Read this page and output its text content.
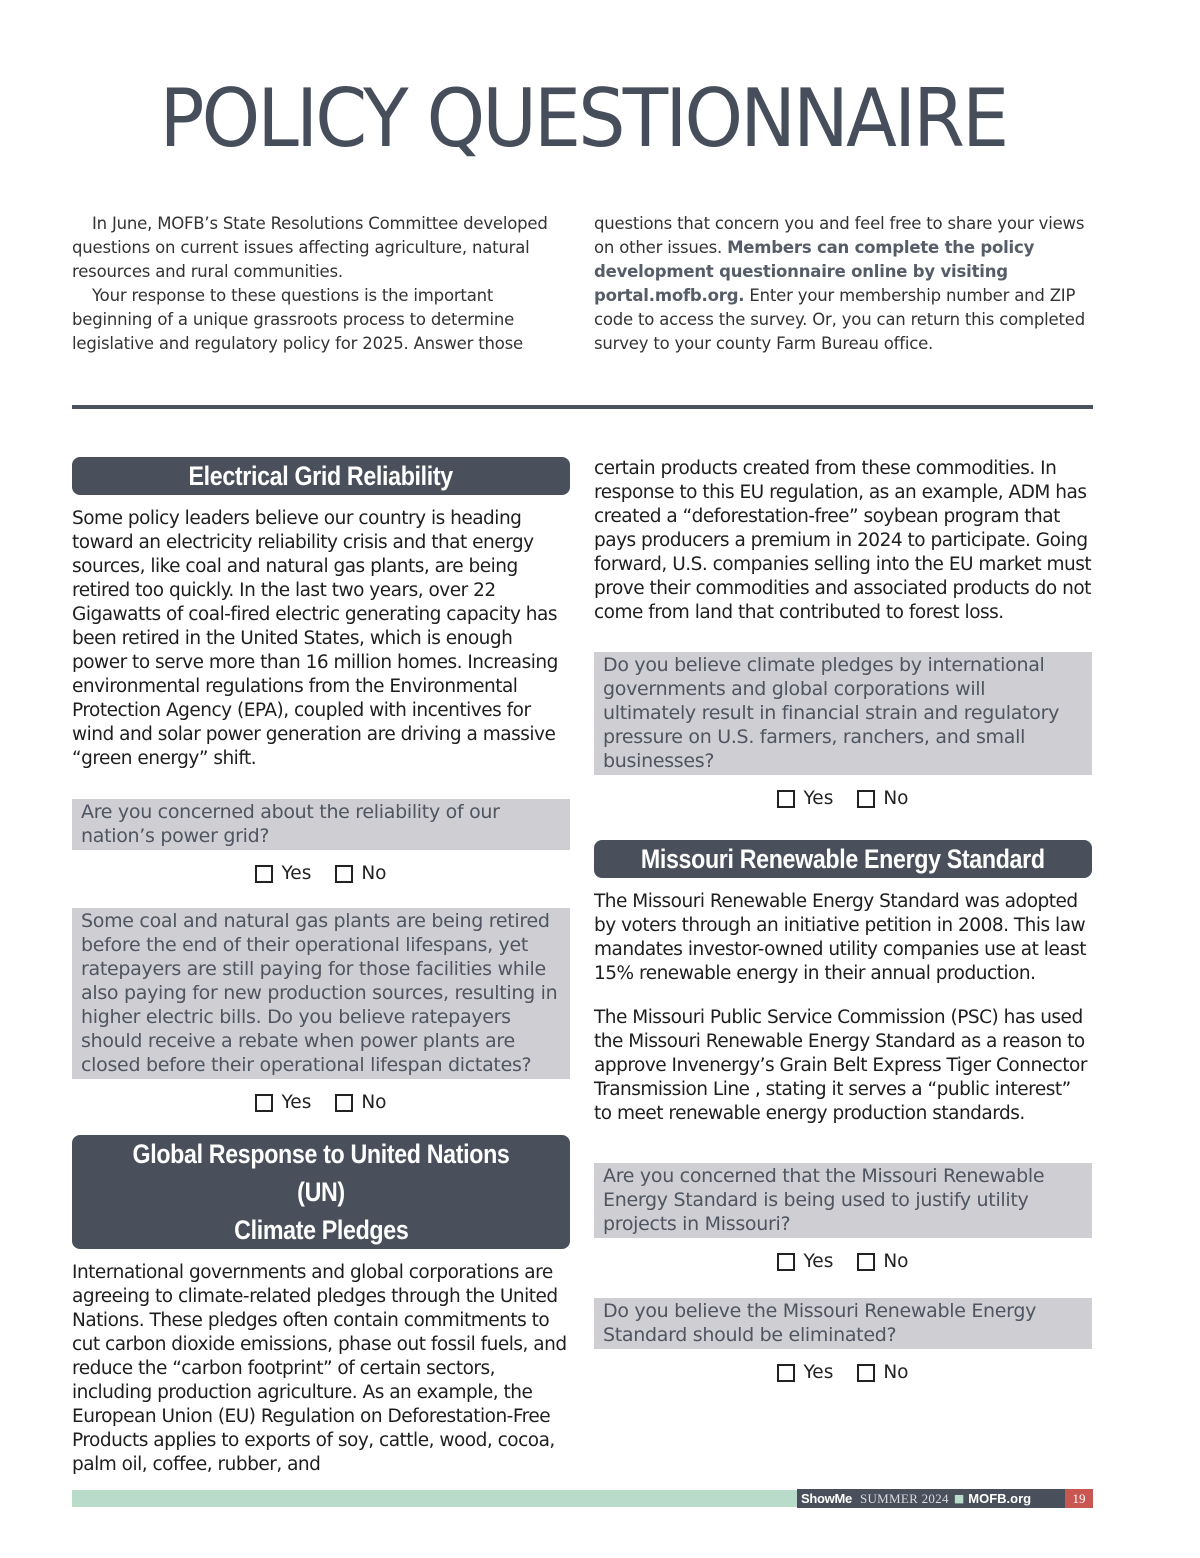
POLICY QUESTIONNAIRE

In June, MOFB’s State Resolutions Committee developed questions on current issues affecting agriculture, natural resources and rural communities.

Your response to these questions is the important beginning of a unique grassroots process to determine legislative and regulatory policy for 2025. Answer those

questions that concern you and feel free to share your views on other issues. Members can complete the policy development questionnaire online by visiting portal.mofb.org. Enter your membership number and ZIP code to access the survey. Or, you can return this completed survey to your county Farm Bureau office.

Electrical Grid Reliability

Some policy leaders believe our country is heading toward an electricity reliability crisis and that energy sources, like coal and natural gas plants, are being retired too quickly. In the last two years, over 22 Gigawatts of coal-fired electric generating capacity has been retired in the United States, which is enough power to serve more than 16 million homes. Increasing environmental regulations from the Environmental Protection Agency (EPA), coupled with incentives for wind and solar power generation are driving a massive “green energy” shift.

Are you concerned about the reliability of our nation’s power grid?
Yes	No
Some coal and natural gas plants are being retired before the end of their operational lifespans, yet ratepayers are still paying for those facilities while also paying for new production sources, resulting in higher electric bills. Do you believe ratepayers should receive a rebate when power plants are closed before their operational lifespan dictates?
Yes	No
Global Response to United Nations (UN)
Climate Pledges

International governments and global corporations are agreeing to climate-related pledges through the United Nations. These pledges often contain commitments to cut carbon dioxide emissions, phase out fossil fuels, and reduce the “carbon footprint” of certain sectors, including production agriculture. As an example, the European Union (EU) Regulation on Deforestation-Free Products applies to exports of soy, cattle, wood, cocoa, palm oil, coffee, rubber, and

certain products created from these commodities. In response to this EU regulation, as an example, ADM has created a “deforestation-free” soybean program that pays producers a premium in 2024 to participate. Going forward, U.S. companies selling into the EU market must prove their commodities and associated products do not come from land that contributed to forest loss.

Do you believe climate pledges by international governments and global corporations will ultimately result in financial strain and regulatory pressure on U.S. farmers, ranchers, and small businesses?
Yes	No
Missouri Renewable Energy Standard

The Missouri Renewable Energy Standard was adopted by voters through an initiative petition in 2008. This law mandates investor-owned utility companies use at least 15% renewable energy in their annual production.

The Missouri Public Service Commission (PSC) has used the Missouri Renewable Energy Standard as a reason to approve Invenergy’s Grain Belt Express Tiger Connector Transmission Line , stating it serves a “public interest” to meet renewable energy production standards.

Are you concerned that the Missouri Renewable Energy Standard is being used to justify utility projects in Missouri?
Yes	No
Do you believe the Missouri Renewable Energy Standard should be eliminated?
Yes	No
ShowMe SUMMER 2024 ■ MOFB.org	19
